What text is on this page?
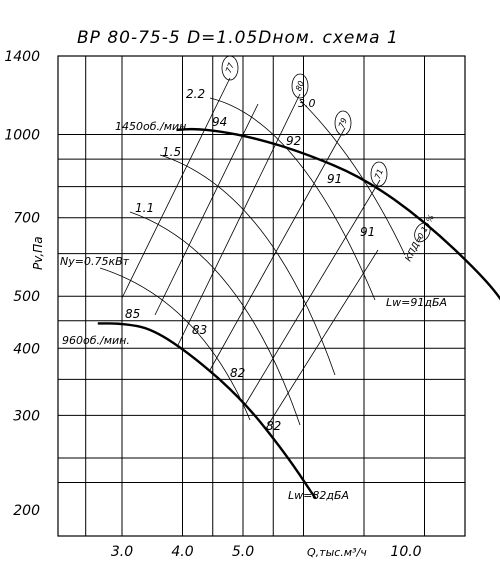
ВР 80-75-5 D=1.05Dном. схема 1
1400
1000
700
500
400
300
200
3.0	4.0	5.0	10.0
Pv,Па
Q,тыс.м³/ч
2.2
1.5
1.1
Ny=0.75кВт
1450об./мин.
960об./мин.
3.0
94
92
91
91
85
83
82
82
Lw=91дБА
Lw=82дБА
77
80
79
71
КПД=
0.1
%
